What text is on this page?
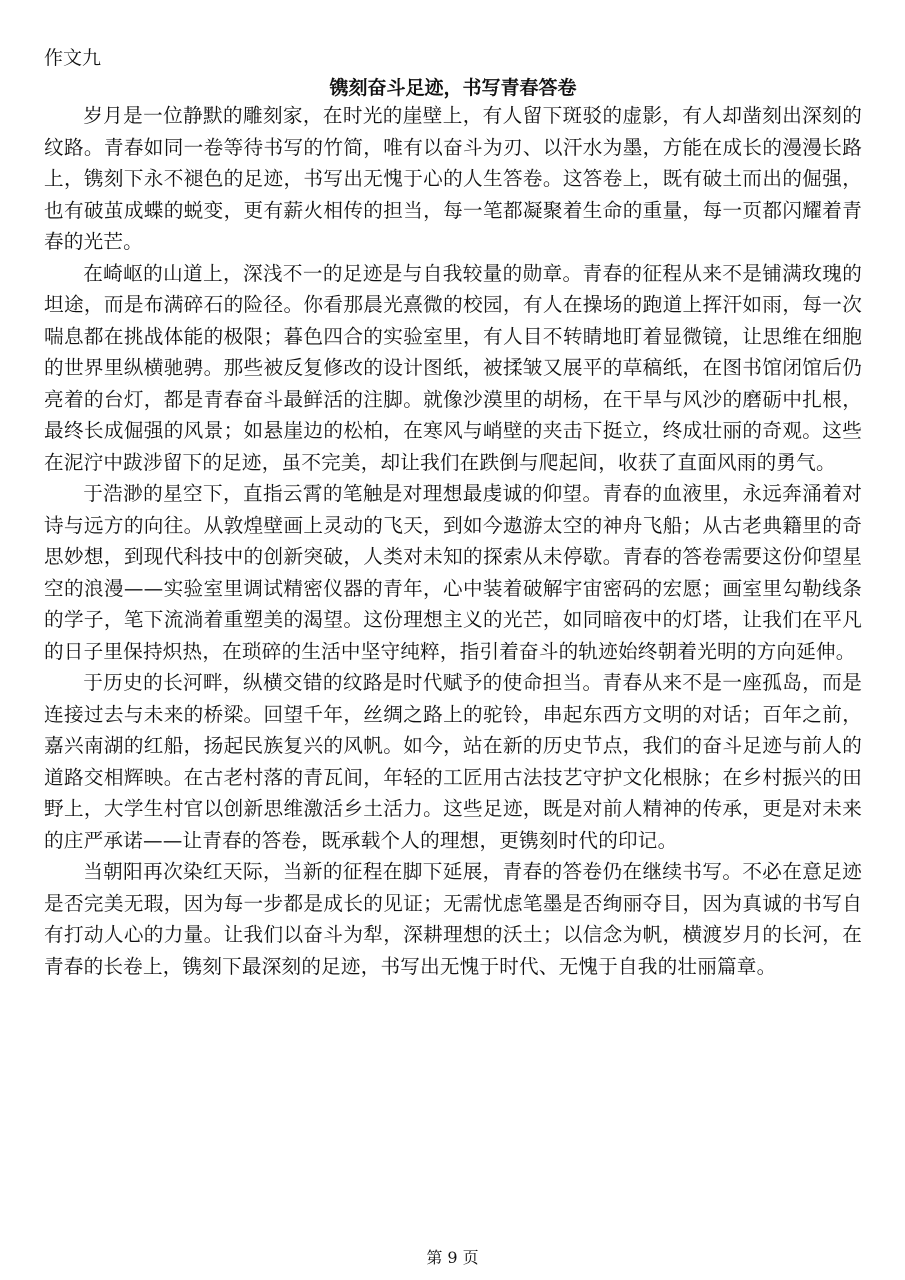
作文九
镌刻奋斗足迹，书写青春答卷

岁月是一位静默的雕刻家，在时光的崖壁上，有人留下斑驳的虚影，有人却凿刻出深刻的纹路。青春如同一卷等待书写的竹简，唯有以奋斗为刃、以汗水为墨，方能在成长的漫漫长路上，镌刻下永不褪色的足迹，书写出无愧于心的人生答卷。这答卷上，既有破土而出的倔强，也有破茧成蝶的蜕变，更有薪火相传的担当，每一笔都凝聚着生命的重量，每一页都闪耀着青春的光芒。

在崎岖的山道上，深浅不一的足迹是与自我较量的勋章。青春的征程从来不是铺满玫瑰的坦途，而是布满碎石的险径。你看那晨光熹微的校园，有人在操场的跑道上挥汗如雨，每一次喘息都在挑战体能的极限；暮色四合的实验室里，有人目不转睛地盯着显微镜，让思维在细胞的世界里纵横驰骋。那些被反复修改的设计图纸，被揉皱又展平的草稿纸，在图书馆闭馆后仍亮着的台灯，都是青春奋斗最鲜活的注脚。就像沙漠里的胡杨，在干旱与风沙的磨砺中扎根，最终长成倔强的风景；如悬崖边的松柏，在寒风与峭壁的夹击下挺立，终成壮丽的奇观。这些在泥泞中跋涉留下的足迹，虽不完美，却让我们在跌倒与爬起间，收获了直面风雨的勇气。

于浩渺的星空下，直指云霄的笔触是对理想最虔诚的仰望。青春的血液里，永远奔涌着对诗与远方的向往。从敦煌壁画上灵动的飞天，到如今遨游太空的神舟飞船；从古老典籍里的奇思妙想，到现代科技中的创新突破，人类对未知的探索从未停歇。青春的答卷需要这份仰望星空的浪漫——实验室里调试精密仪器的青年，心中装着破解宇宙密码的宏愿；画室里勾勒线条的学子，笔下流淌着重塑美的渴望。这份理想主义的光芒，如同暗夜中的灯塔，让我们在平凡的日子里保持炽热，在琐碎的生活中坚守纯粹，指引着奋斗的轨迹始终朝着光明的方向延伸。

于历史的长河畔，纵横交错的纹路是时代赋予的使命担当。青春从来不是一座孤岛，而是连接过去与未来的桥梁。回望千年，丝绸之路上的驼铃，串起东西方文明的对话；百年之前，嘉兴南湖的红船，扬起民族复兴的风帆。如今，站在新的历史节点，我们的奋斗足迹与前人的道路交相辉映。在古老村落的青瓦间，年轻的工匠用古法技艺守护文化根脉；在乡村振兴的田野上，大学生村官以创新思维激活乡土活力。这些足迹，既是对前人精神的传承，更是对未来的庄严承诺——让青春的答卷，既承载个人的理想，更镌刻时代的印记。

当朝阳再次染红天际，当新的征程在脚下延展，青春的答卷仍在继续书写。不必在意足迹是否完美无瑕，因为每一步都是成长的见证；无需忧虑笔墨是否绚丽夺目，因为真诚的书写自有打动人心的力量。让我们以奋斗为犁，深耕理想的沃土；以信念为帆，横渡岁月的长河，在青春的长卷上，镌刻下最深刻的足迹，书写出无愧于时代、无愧于自我的壮丽篇章。

第 9 页
